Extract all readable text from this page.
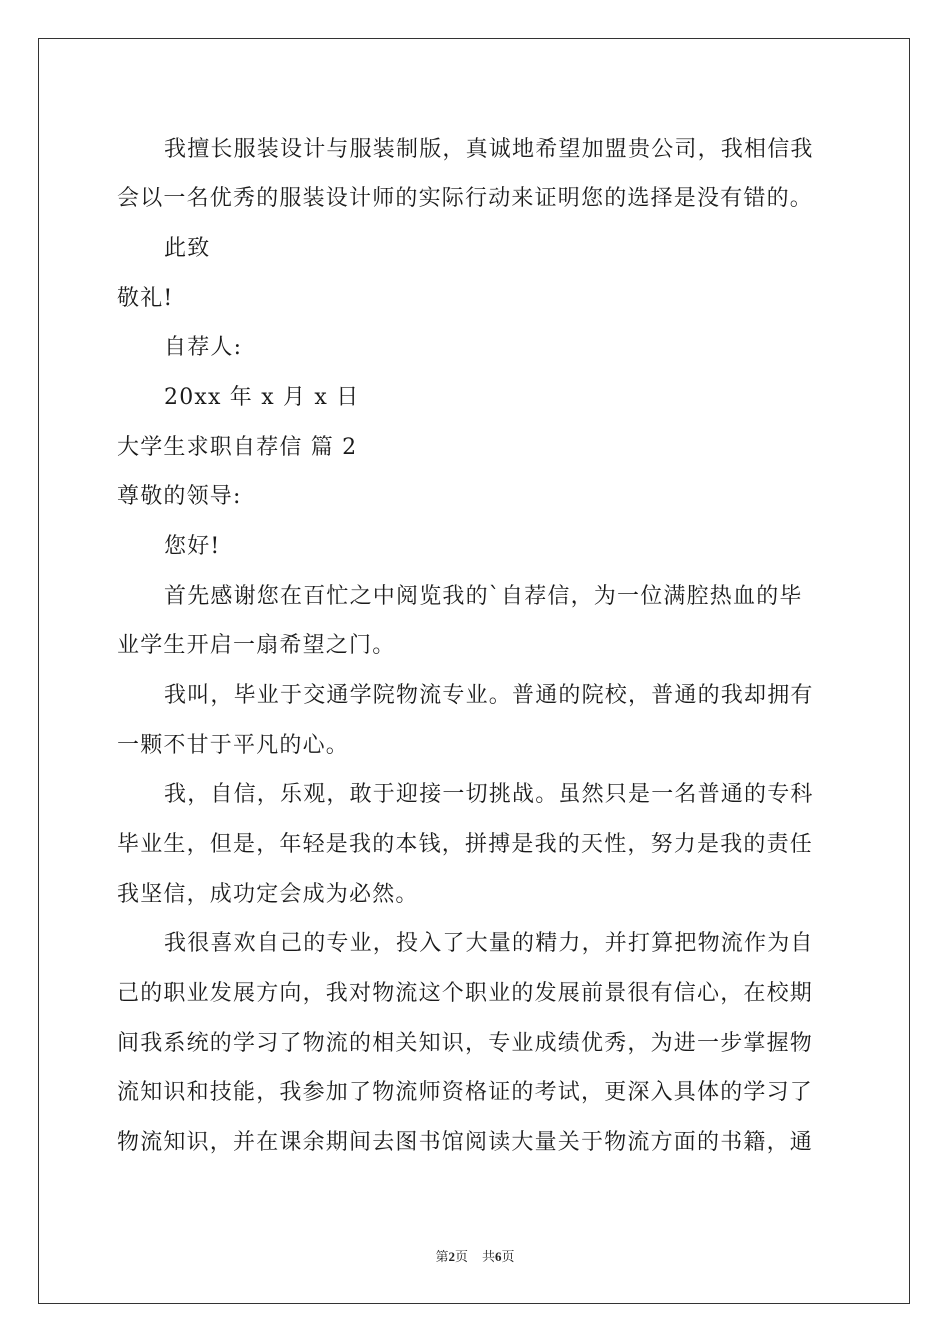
我擅长服装设计与服装制版，真诚地希望加盟贵公司，我相信我
会以一名优秀的服装设计师的实际行动来证明您的选择是没有错的。
此致
敬礼!
自荐人:
20xx 年 x 月 x 日
大学生求职自荐信 篇 2
尊敬的领导:
您好!
首先感谢您在百忙之中阅览我的`自荐信，为一位满腔热血的毕
业学生开启一扇希望之门。
我叫，毕业于交通学院物流专业。普通的院校，普通的我却拥有
一颗不甘于平凡的心。
我，自信，乐观，敢于迎接一切挑战。虽然只是一名普通的专科
毕业生，但是，年轻是我的本钱，拼搏是我的天性，努力是我的责任
我坚信，成功定会成为必然。
我很喜欢自己的专业，投入了大量的精力，并打算把物流作为自
己的职业发展方向，我对物流这个职业的发展前景很有信心，在校期
间我系统的学习了物流的相关知识，专业成绩优秀，为进一步掌握物
流知识和技能，我参加了物流师资格证的考试，更深入具体的学习了
物流知识，并在课余期间去图书馆阅读大量关于物流方面的书籍，通
第2页 共6页
